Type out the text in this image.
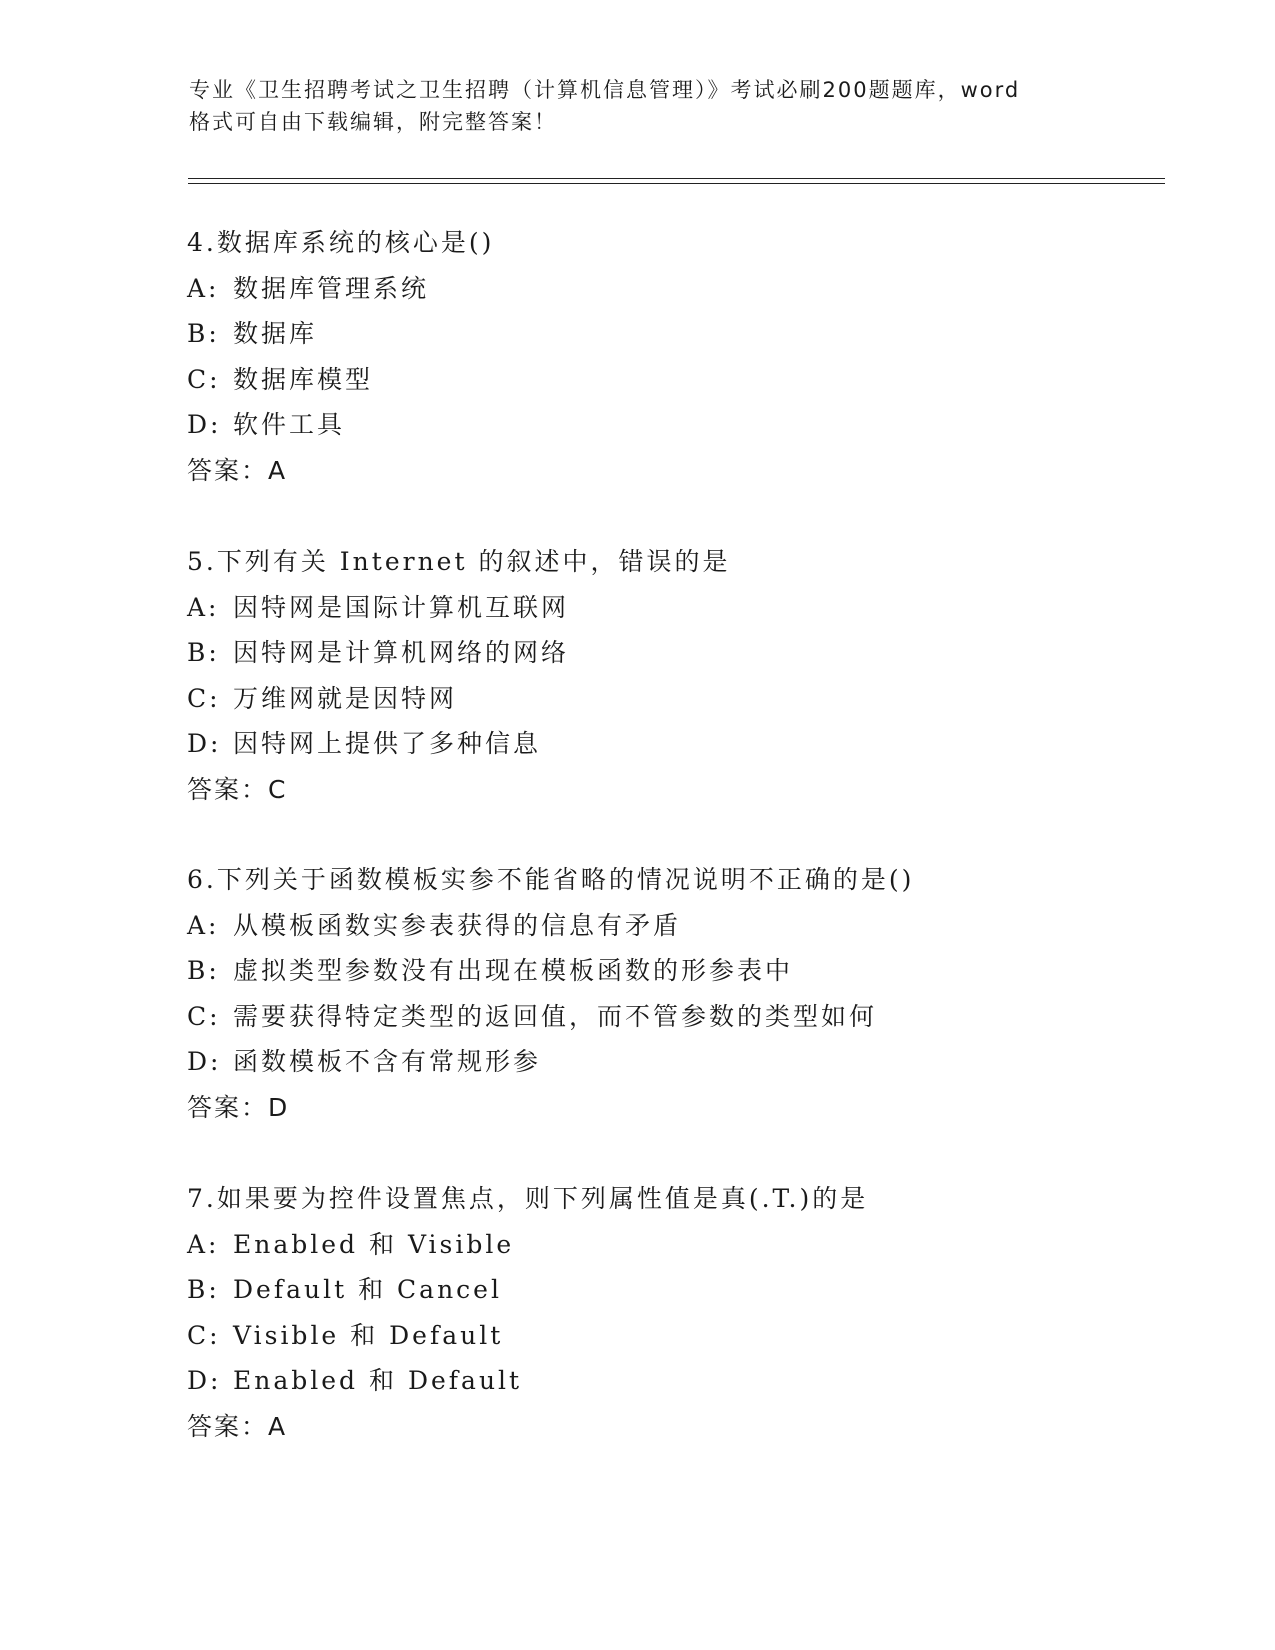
专业《卫生招聘考试之卫生招聘（计算机信息管理）》考试必刷200题题库，word
格式可自由下载编辑，附完整答案！
4.数据库系统的核心是()
A: 数据库管理系统
B: 数据库
C: 数据库模型
D: 软件工具
答案：A
5.下列有关 Internet 的叙述中，错误的是
A: 因特网是国际计算机互联网
B: 因特网是计算机网络的网络
C: 万维网就是因特网
D: 因特网上提供了多种信息
答案：C
6.下列关于函数模板实参不能省略的情况说明不正确的是()
A: 从模板函数实参表获得的信息有矛盾
B: 虚拟类型参数没有出现在模板函数的形参表中
C: 需要获得特定类型的返回值，而不管参数的类型如何
D: 函数模板不含有常规形参
答案：D
7.如果要为控件设置焦点，则下列属性值是真(.T.)的是
A: Enabled 和 Visible
B: Default 和 Cancel
C: Visible 和 Default
D: Enabled 和 Default
答案：A
